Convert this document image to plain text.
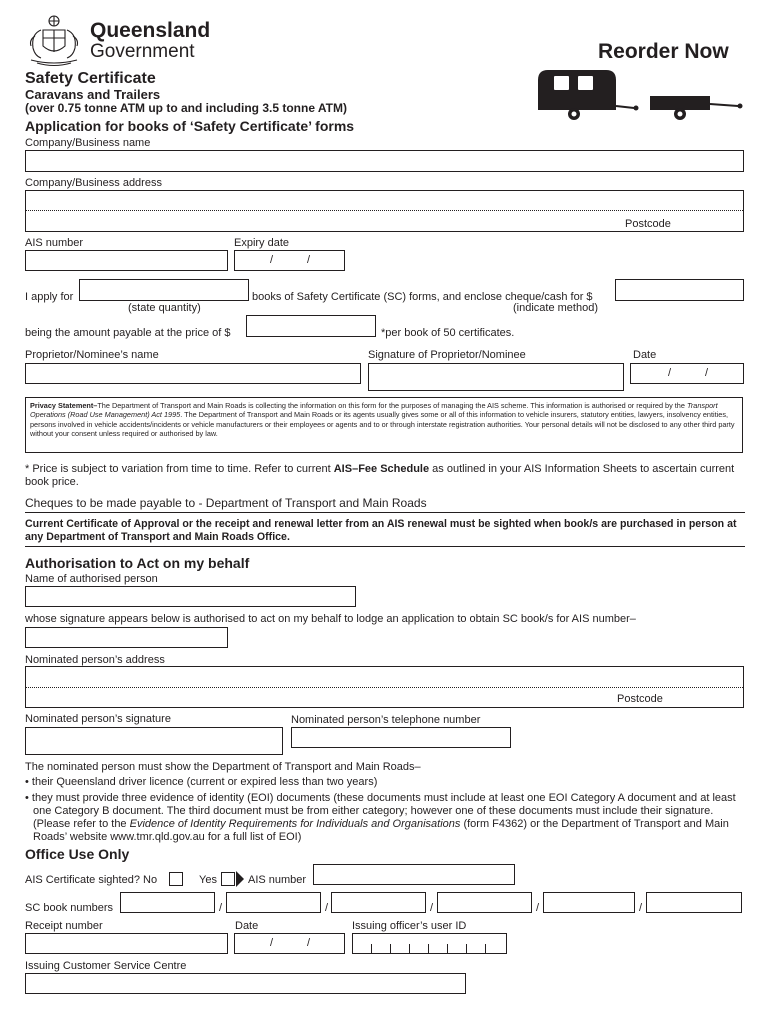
Queensland
Government	Reorder Now
Safety Certificate
Caravans and Trailers
(over 0.75 tonne ATM up to and including 3.5 tonne ATM)
Application for books of ‘Safety Certificate’ forms
Company/Business name
Company/Business address
Postcode
AIS number	Expiry date
/	/
I apply for
(state quantity)
books of Safety Certificate (SC) forms, and enclose cheque/cash for $
(indicate method)
being the amount payable at the price of $	*per book of 50 certificates.
Proprietor/Nominee’s name	Signature of Proprietor/Nominee	Date
/	/
Privacy Statement–The Department of Transport and Main Roads is collecting the information on this form for the purposes of managing the AIS scheme. This information is authorised or required by the Transport Operations (Road Use Management) Act 1995. The Department of Transport and Main Roads or its agents usually gives some or all of this information to vehicle insurers, statutory entities, lawyers, insolvency entities, persons involved in vehicle accidents/incidents or vehicle manufacturers or their employees or agents and to or through interstate registration authorities. Your personal details will not be disclosed to any other third party without your consent unless required or authorised by law.
* Price is subject to variation from time to time. Refer to current AIS–Fee Schedule as outlined in your AIS Information Sheets to ascertain current book price.
Cheques to be made payable to - Department of Transport and Main Roads
Current Certificate of Approval or the receipt and renewal letter from an AIS renewal must be sighted when book/s are purchased in person at any Department of Transport and Main Roads Office.
Authorisation to Act on my behalf
Name of authorised person
whose signature appears below is authorised to act on my behalf to lodge an application to obtain SC book/s for AIS number–
Nominated person’s address
Postcode
Nominated person’s signature	Nominated person’s telephone number
The nominated person must show the Department of Transport and Main Roads–
• their Queensland driver licence (current or expired less than two years)
• they must provide three evidence of identity (EOI) documents (these documents must include at least one EOI Category A document and at least one Category B document. The third document must be from either category; however one of these documents must include their signature. (Please refer to the Evidence of Identity Requirements for Individuals and Organisations (form F4362) or the Department of Transport and Main Roads’ website www.tmr.qld.gov.au for a full list of EOI)
Office Use Only
AIS Certificate sighted? No	Yes	AIS number
SC book numbers	/	/	/	/	/
Receipt number	Date
/	/
Issuing officer’s user ID
Issuing Customer Service Centre
